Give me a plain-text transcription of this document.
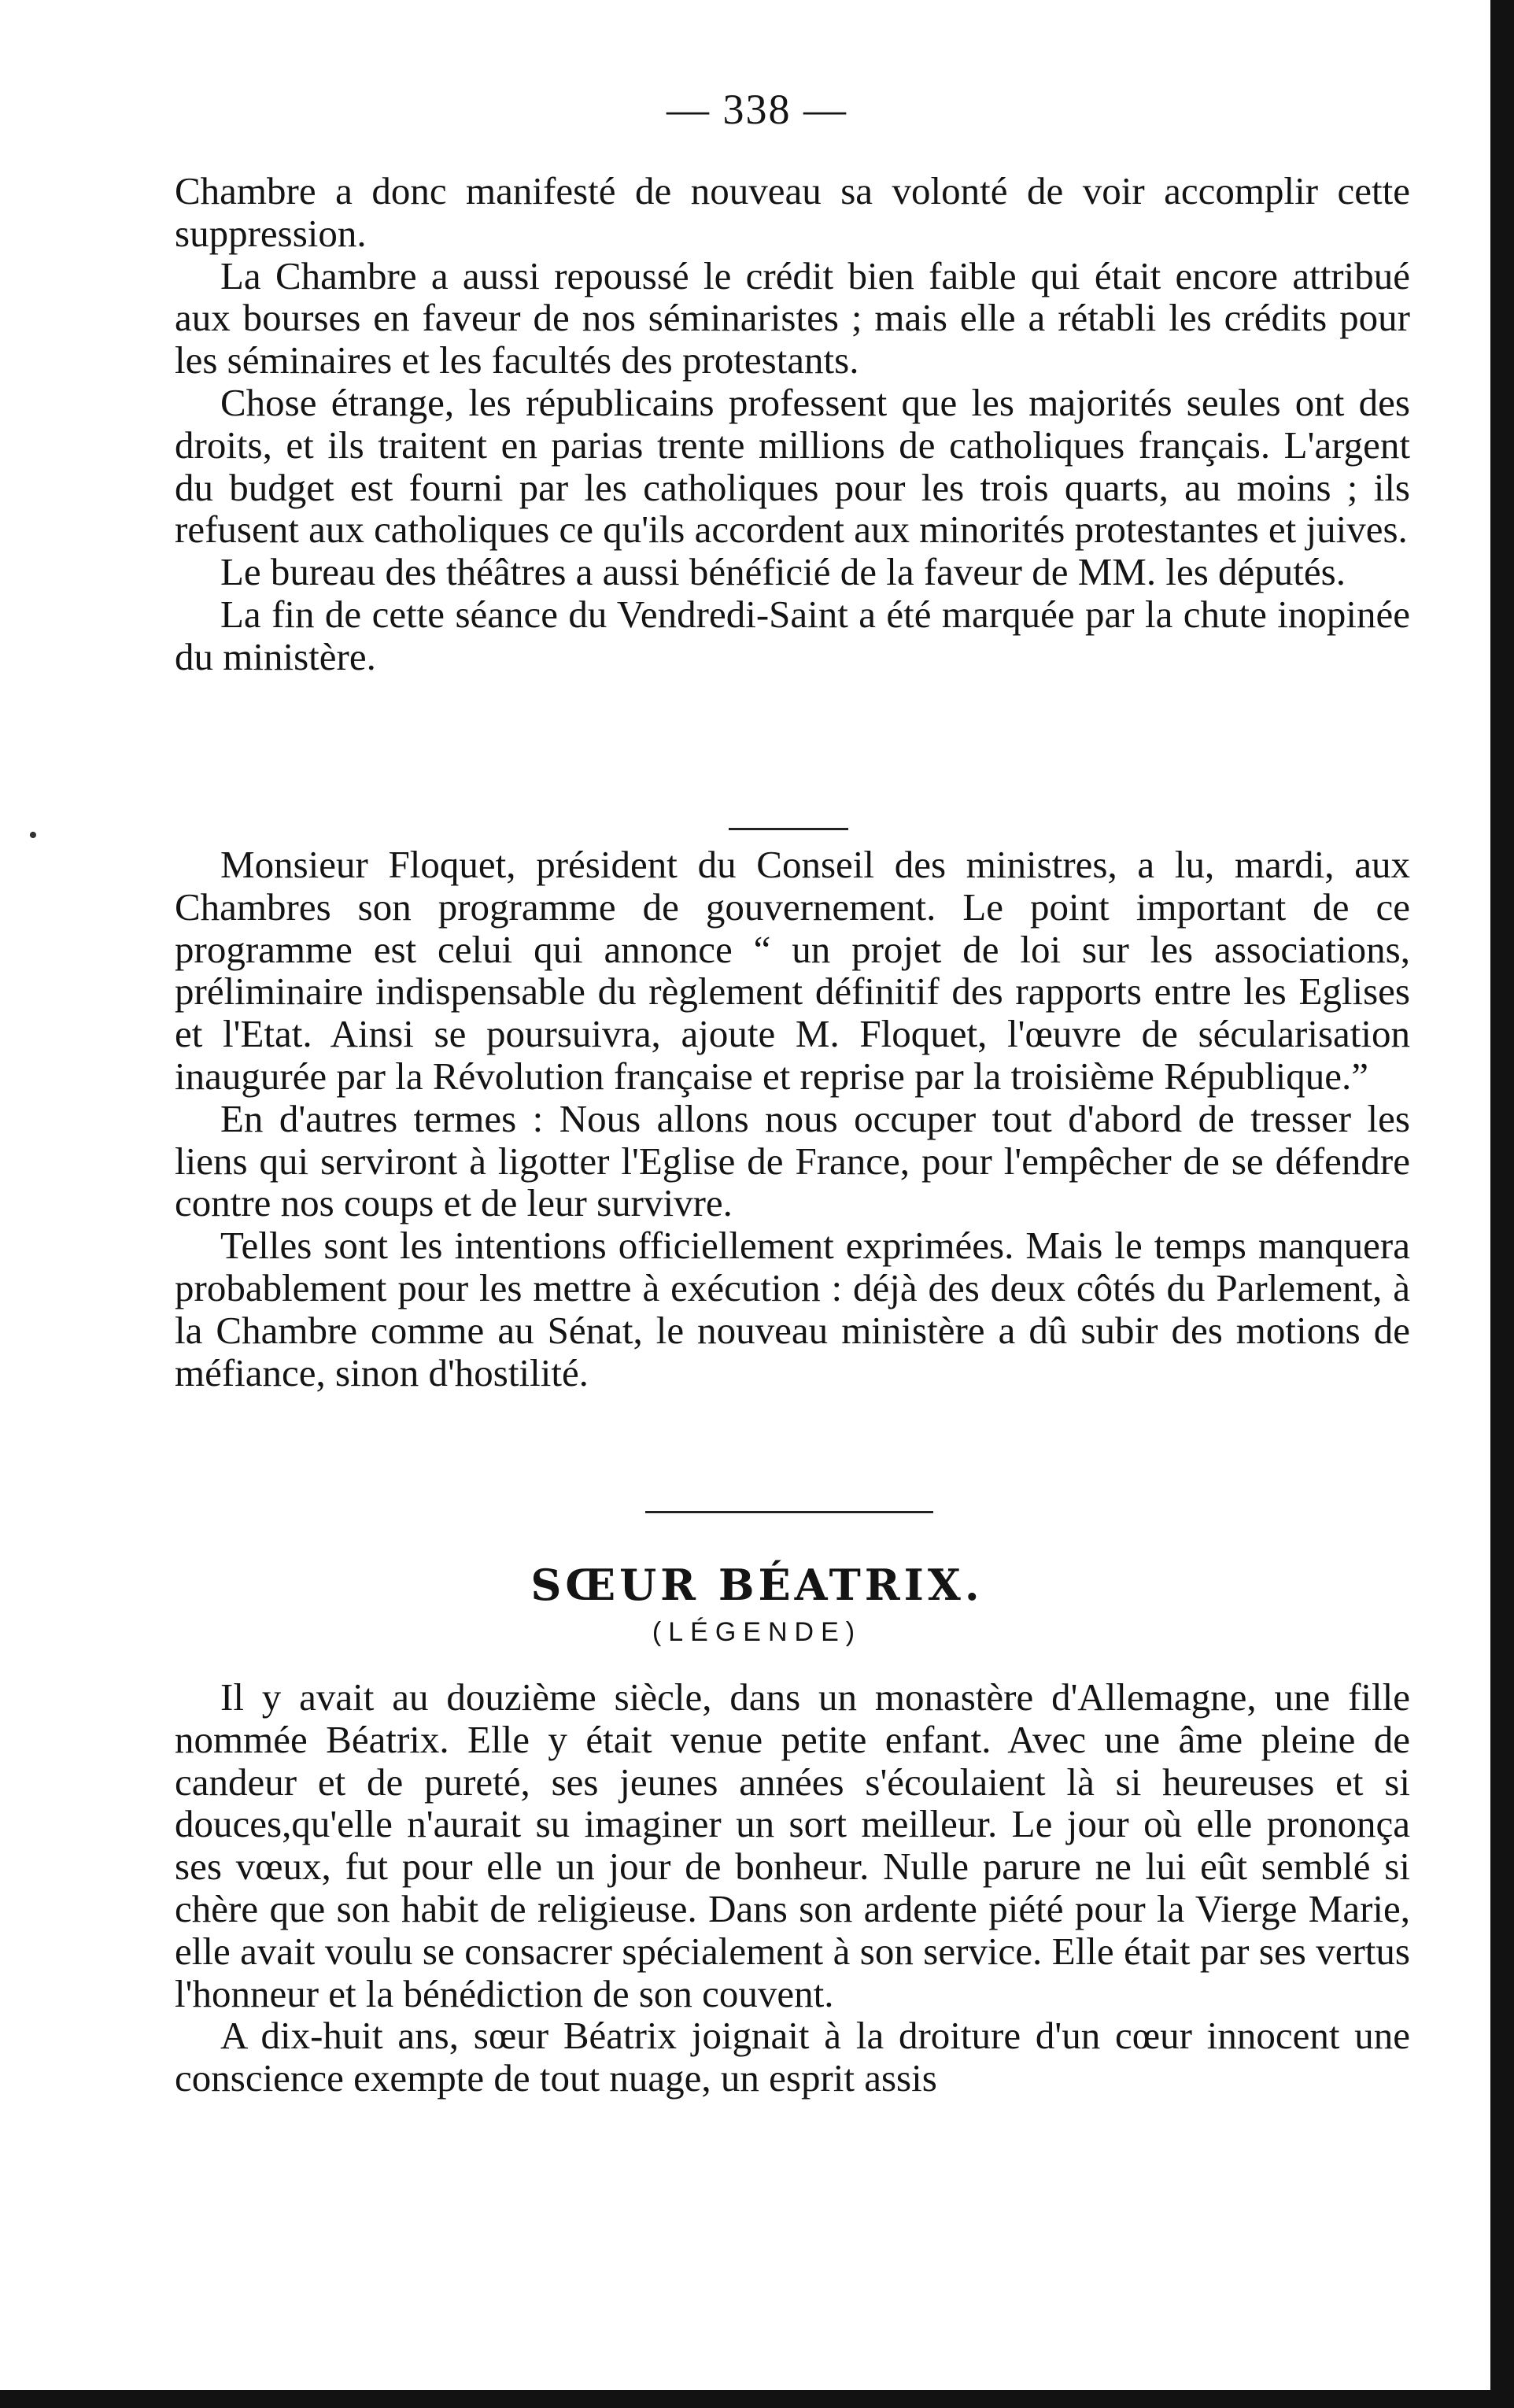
— 338 —

Chambre a donc manifesté de nouveau sa volonté de voir accomplir cette suppression.

La Chambre a aussi repoussé le crédit bien faible qui était encore attribué aux bourses en faveur de nos séminaristes ; mais elle a rétabli les crédits pour les séminaires et les facultés des protestants.

Chose étrange, les républicains professent que les majorités seules ont des droits, et ils traitent en parias trente millions de catholiques français. L'argent du budget est fourni par les catholiques pour les trois quarts, au moins ; ils refusent aux catholiques ce qu'ils accordent aux minorités protestantes et juives.

Le bureau des théâtres a aussi bénéficié de la faveur de MM. les députés.

La fin de cette séance du Vendredi-Saint a été marquée par la chute inopinée du ministère.

Monsieur Floquet, président du Conseil des ministres, a lu, mardi, aux Chambres son programme de gouvernement. Le point important de ce programme est celui qui annonce “ un projet de loi sur les associations, préliminaire indispensable du règlement définitif des rapports entre les Eglises et l'Etat. Ainsi se poursuivra, ajoute M. Floquet, l'œuvre de sécularisation inaugurée par la Révolution française et reprise par la troisième République.”

En d'autres termes : Nous allons nous occuper tout d'abord de tresser les liens qui serviront à ligotter l'Eglise de France, pour l'empêcher de se défendre contre nos coups et de leur survivre.

Telles sont les intentions officiellement exprimées. Mais le temps manquera probablement pour les mettre à exécution : déjà des deux côtés du Parlement, à la Chambre comme au Sénat, le nouveau ministère a dû subir des motions de méfiance, sinon d'hostilité.

SŒUR BÉATRIX.
(LÉGENDE)

Il y avait au douzième siècle, dans un monastère d'Allemagne, une fille nommée Béatrix. Elle y était venue petite enfant. Avec une âme pleine de candeur et de pureté, ses jeunes années s'écoulaient là si heureuses et si douces,qu'elle n'aurait su imaginer un sort meilleur. Le jour où elle prononça ses vœux, fut pour elle un jour de bonheur. Nulle parure ne lui eût semblé si chère que son habit de religieuse. Dans son ardente piété pour la Vierge Marie, elle avait voulu se consacrer spécialement à son service. Elle était par ses vertus l'honneur et la bénédiction de son couvent.

A dix-huit ans, sœur Béatrix joignait à la droiture d'un cœur innocent une conscience exempte de tout nuage, un esprit assis

•
